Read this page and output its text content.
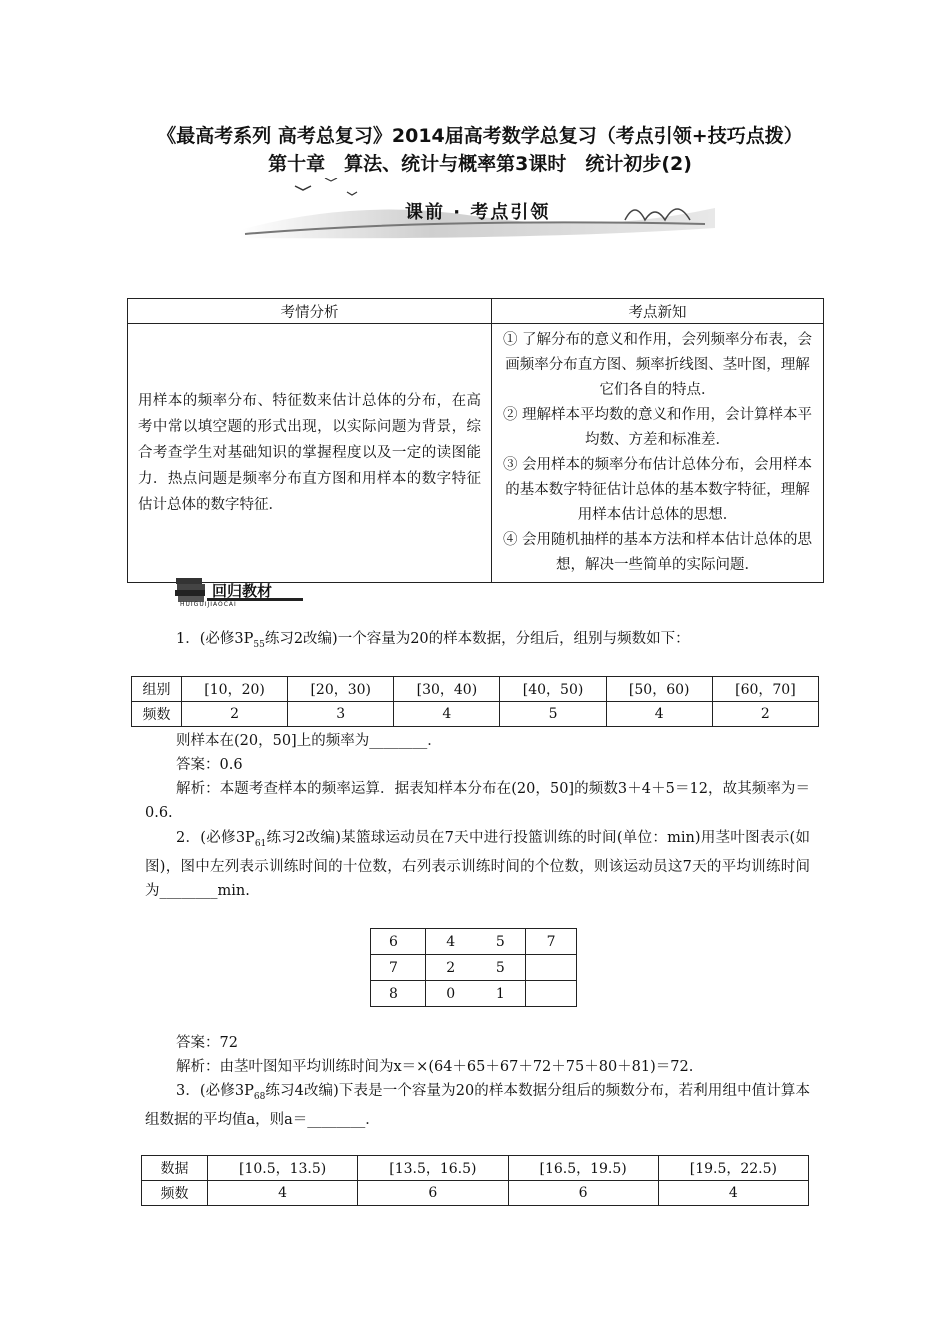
《最高考系列 高考总复习》2014届高考数学总复习（考点引领+技巧点拨）第十章　算法、统计与概率第3课时　统计初步(2)
课前 · 考点引领
考情分析	考点新知
用样本的频率分布、特征数来估计总体的分布，在高考中常以填空题的形式出现，以实际问题为背景，综合考查学生对基础知识的掌握程度以及一定的读图能力．热点问题是频率分布直方图和用样本的数字特征估计总体的数字特征．	① 了解分布的意义和作用，会列频率分布表，会画频率分布直方图、频率折线图、茎叶图，理解它们各自的特点．
② 理解样本平均数的意义和作用，会计算样本平均数、方差和标准差．
③ 会用样本的频率分布估计总体分布，会用样本的基本数字特征估计总体的基本数字特征，理解用样本估计总体的思想．
④ 会用随机抽样的基本方法和样本估计总体的思想，解决一些简单的实际问题．
回归教材
HUIGUIJIAOCAI
1．(必修$3P_{55}$练习2改编)一个容量为20的样本数据，分组后，组别与频数如下：
组别	[10，20)	[20，30)	[30，40)	[40，50)	[50，60)	[60，70]
频数	2	3	4	5	4	2
则样本在(20，50]上的频率为________．
答案：0.6
解析：本题考查样本的频率运算．据表知样本分布在(20，50]的频数3＋4＋5＝12，故其频率为＝0.6.
2．(必修$3P_{61}$练习2改编)某篮球运动员在7天中进行投篮训练的时间(单位：min)用茎叶图表示(如图)，图中左列表示训练时间的十位数，右列表示训练时间的个位数，则该运动员这7天的平均训练时间为________min.
6	4	5	7
7	2	5	
8	0	1	
答案：72
解析：由茎叶图知平均训练时间为x＝×(64＋65＋67＋72＋75＋80＋81)＝72.
3．(必修$3P_{68}$练习4改编)下表是一个容量为20的样本数据分组后的频数分布，若利用组中值计算本组数据的平均值a，则a＝________．
数据	[10.5，13.5)	[13.5，16.5)	[16.5，19.5)	[19.5，22.5)
频数	4	6	6	4
